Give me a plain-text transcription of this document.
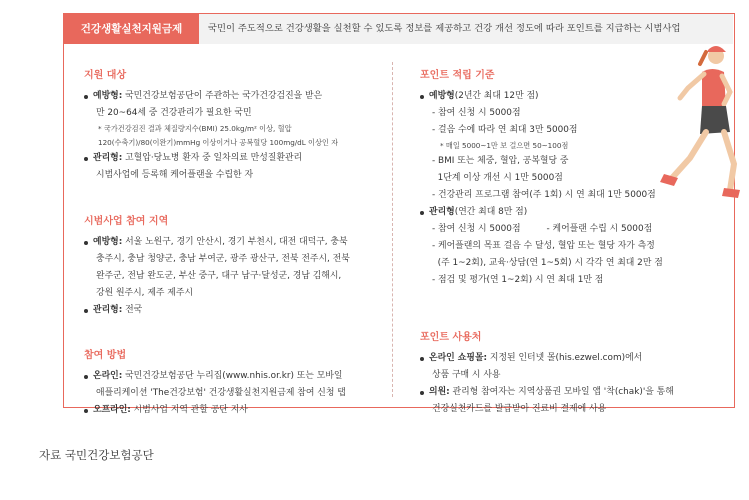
건강생활실천지원금제	국민이 주도적으로 건강생활을 실천할 수 있도록 정보를 제공하고 건강 개선 정도에 따라 포인트를 지급하는 시범사업
지원 대상
예방형: 국민건강보험공단이 주관하는 국가건강검진을 받은
만 20~64세 중 건강관리가 필요한 국민
* 국가건강검진 결과 체질량지수(BMI) 25.0kg/m² 이상, 혈압
120(수축기)/80(이완기)mmHg 이상이거나 공복혈당 100mg/dL 이상인 자
관리형: 고혈압·당뇨병 환자 중 일차의료 만성질환관리
시범사업에 등록해 케어플랜을 수립한 자
시범사업 참여 지역
예방형: 서울 노원구, 경기 안산시, 경기 부천시, 대전 대덕구, 충북
충주시, 충남 청양군, 충남 부여군, 광주 광산구, 전북 전주시, 전북
완주군, 전남 완도군, 부산 중구, 대구 남구·달성군, 경남 김해시,
강원 원주시, 제주 제주시
관리형: 전국
참여 방법
온라인: 국민건강보험공단 누리집(www.nhis.or.kr) 또는 모바일
애플리케이션 'The건강보험' 건강생활실천지원금제 참여 신청 탭
오프라인: 시범사업 지역 관할 공단 지사
포인트 적립 기준
예방형(2년간 최대 12만 점)
- 참여 신청 시 5000점
- 걸음 수에 따라 연 최대 3만 5000점
* 매일 5000~1만 보 걸으면 50~100점
- BMI 또는 체중, 혈압, 공복혈당 중
1단계 이상 개선 시 1만 5000점
- 건강관리 프로그램 참여(주 1회) 시 연 최대 1만 5000점
관리형(연간 최대 8만 점)
- 참여 신청 시 5000점	- 케어플랜 수립 시 5000점
- 케어플랜의 목표 걸음 수 달성, 혈압 또는 혈당 자가 측정
(주 1~2회), 교육·상담(연 1~5회) 시 각각 연 최대 2만 점
- 점검 및 평가(연 1~2회) 시 연 최대 1만 점
포인트 사용처
온라인 쇼핑몰: 지정된 인터넷 몰(his.ezwel.com)에서
상품 구매 시 사용
의원: 관리형 참여자는 지역상품권 모바일 앱 '착(chak)'을 통해
건강실천카드를 발급받아 진료비 결제에 사용
자료 국민건강보험공단
